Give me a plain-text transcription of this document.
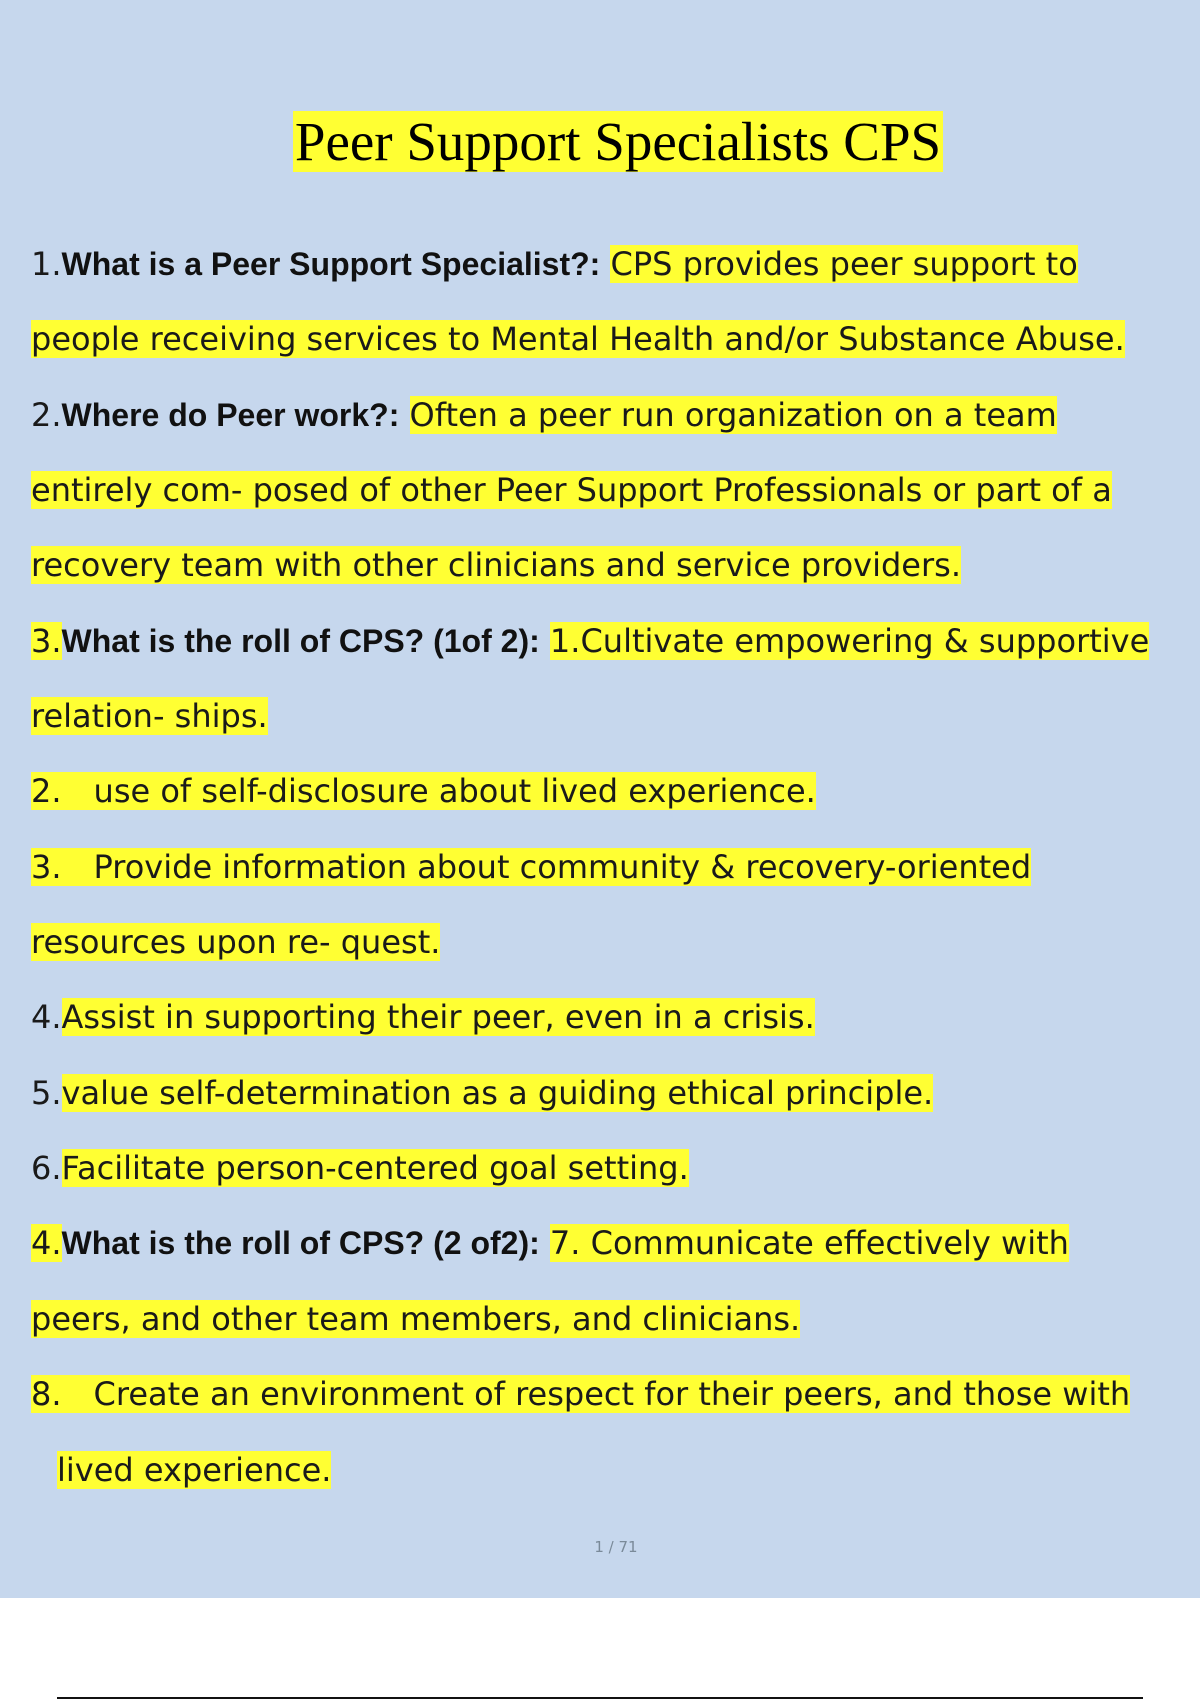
Peer Support Specialists CPS
1.What is a Peer Support Specialist?: CPS provides peer support to
people receiving services to Mental Health and/or Substance Abuse.
2.Where do Peer work?: Often a peer run organization on a team
entirely com- posed of other Peer Support Professionals or part of a
recovery team with other clinicians and service providers.
3.What is the roll of CPS? (1of 2): 1.Cultivate empowering & supportive
relation- ships.
2. use of self-disclosure about lived experience.
3. Provide information about community & recovery-oriented
resources upon re- quest.
4.Assist in supporting their peer, even in a crisis.
5.value self-determination as a guiding ethical principle.
6.Facilitate person-centered goal setting.
4.What is the roll of CPS? (2 of2): 7. Communicate effectively with
peers, and other team members, and clinicians.
8. Create an environment of respect for their peers, and those with
lived experience.
1 / 71
